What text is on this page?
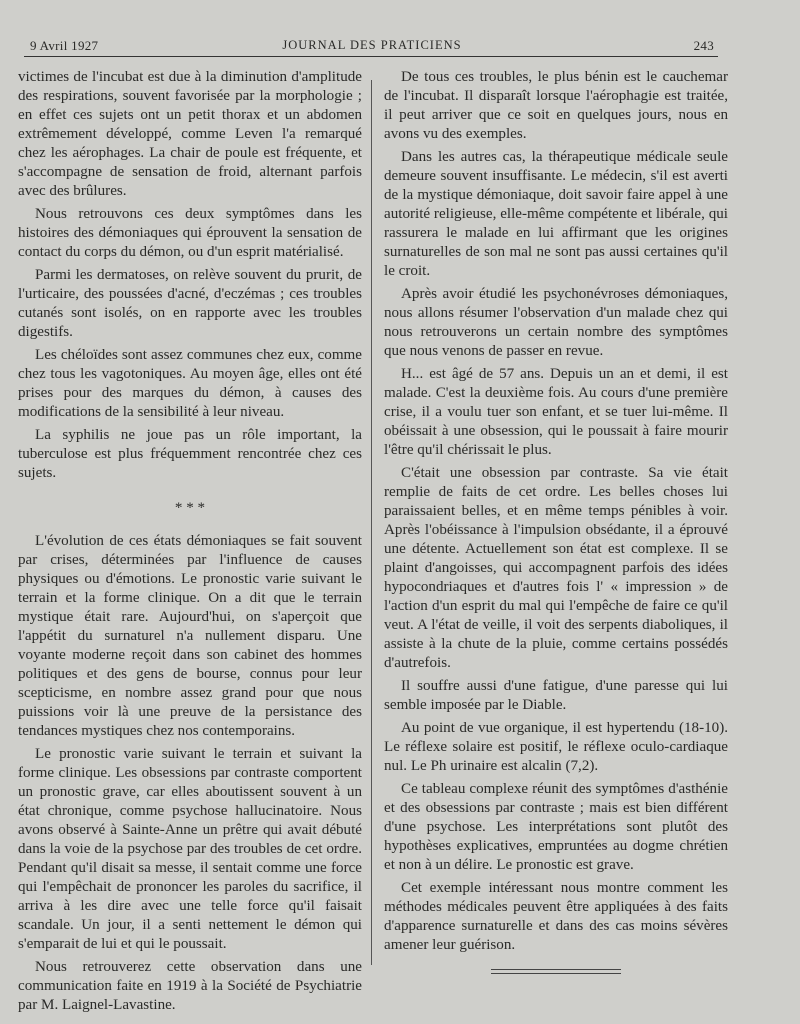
9 Avril 1927	JOURNAL DES PRATICIENS	243

victimes de l'incubat est due à la diminution d'amplitude des respirations, souvent favorisée par la morphologie ; en effet ces sujets ont un petit thorax et un abdomen extrêmement développé, comme Leven l'a remarqué chez les aérophages. La chair de poule est fréquente, et s'accompagne de sensation de froid, alternant parfois avec des brûlures.

Nous retrouvons ces deux symptômes dans les histoires des démoniaques qui éprouvent la sensation de contact du corps du démon, ou d'un esprit matérialisé.

Parmi les dermatoses, on relève souvent du prurit, de l'urticaire, des poussées d'acné, d'eczémas ; ces troubles cutanés sont isolés, on en rapporte avec les troubles digestifs.

Les chéloïdes sont assez communes chez eux, comme chez tous les vagotoniques. Au moyen âge, elles ont été prises pour des marques du démon, à causes des modifications de la sensibilité à leur niveau.

La syphilis ne joue pas un rôle important, la tuberculose est plus fréquemment rencontrée chez ces sujets.

* * *

L'évolution de ces états démoniaques se fait souvent par crises, déterminées par l'influence de causes physiques ou d'émotions. Le pronostic varie suivant le terrain et la forme clinique. On a dit que le terrain mystique était rare. Aujourd'hui, on s'aperçoit que l'appétit du surnaturel n'a nullement disparu. Une voyante moderne reçoit dans son cabinet des hommes politiques et des gens de bourse, connus pour leur scepticisme, en nombre assez grand pour que nous puissions voir là une preuve de la persistance des tendances mystiques chez nos contemporains.

Le pronostic varie suivant le terrain et suivant la forme clinique. Les obsessions par contraste comportent un pronostic grave, car elles aboutissent souvent à un état chronique, comme psychose hallucinatoire. Nous avons observé à Sainte-Anne un prêtre qui avait débuté dans la voie de la psychose par des troubles de cet ordre. Pendant qu'il disait sa messe, il sentait comme une force qui l'empêchait de prononcer les paroles du sacrifice, il arriva à les dire avec une telle force qu'il faisait scandale. Un jour, il a senti nettement le démon qui s'emparait de lui et qui le poussait.

Nous retrouverez cette observation dans une communication faite en 1919 à la Société de Psychiatrie par M. Laignel-Lavastine.

De tous ces troubles, le plus bénin est le cauchemar de l'incubat. Il disparaît lorsque l'aérophagie est traitée, il peut arriver que ce soit en quelques jours, nous en avons vu des exemples.

Dans les autres cas, la thérapeutique médicale seule demeure souvent insuffisante. Le médecin, s'il est averti de la mystique démoniaque, doit savoir faire appel à une autorité religieuse, elle-même compétente et libérale, qui rassurera le malade en lui affirmant que les origines surnaturelles de son mal ne sont pas aussi certaines qu'il le croit.

Après avoir étudié les psychonévroses démoniaques, nous allons résumer l'observation d'un malade chez qui nous retrouverons un certain nombre des symptômes que nous venons de passer en revue.

H... est âgé de 57 ans. Depuis un an et demi, il est malade. C'est la deuxième fois. Au cours d'une première crise, il a voulu tuer son enfant, et se tuer lui-même. Il obéissait à une obsession, qui le poussait à faire mourir l'être qu'il chérissait le plus.

C'était une obsession par contraste. Sa vie était remplie de faits de cet ordre. Les belles choses lui paraissaient belles, et en même temps pénibles à voir. Après l'obéissance à l'impulsion obsédante, il a éprouvé une détente. Actuellement son état est complexe. Il se plaint d'angoisses, qui accompagnent parfois des idées hypocondriaques et d'autres fois l' « impression » de l'action d'un esprit du mal qui l'empêche de faire ce qu'il veut. A l'état de veille, il voit des serpents diaboliques, il assiste à la chute de la pluie, comme certains possédés d'autrefois.

Il souffre aussi d'une fatigue, d'une paresse qui lui semble imposée par le Diable.

Au point de vue organique, il est hypertendu (18-10). Le réflexe solaire est positif, le réflexe oculo-cardiaque nul. Le Ph urinaire est alcalin (7,2).

Ce tableau complexe réunit des symptômes d'asthénie et des obsessions par contraste ; mais est bien différent d'une psychose. Les interprétations sont plutôt des hypothèses explicatives, empruntées au dogme chrétien et non à un délire. Le pronostic est grave.

Cet exemple intéressant nous montre comment les méthodes médicales peuvent être appliquées à des faits d'apparence surnaturelle et dans des cas moins sévères amener leur guérison.
